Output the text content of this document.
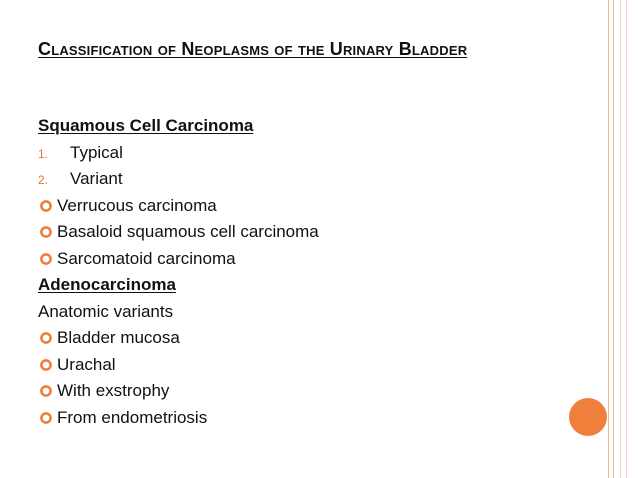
Classification of Neoplasms of the Urinary Bladder
Squamous Cell Carcinoma
1. Typical
2. Variant
Verrucous carcinoma
Basaloid squamous cell carcinoma
Sarcomatoid carcinoma
Adenocarcinoma
Anatomic variants
Bladder mucosa
Urachal
With exstrophy
From endometriosis
